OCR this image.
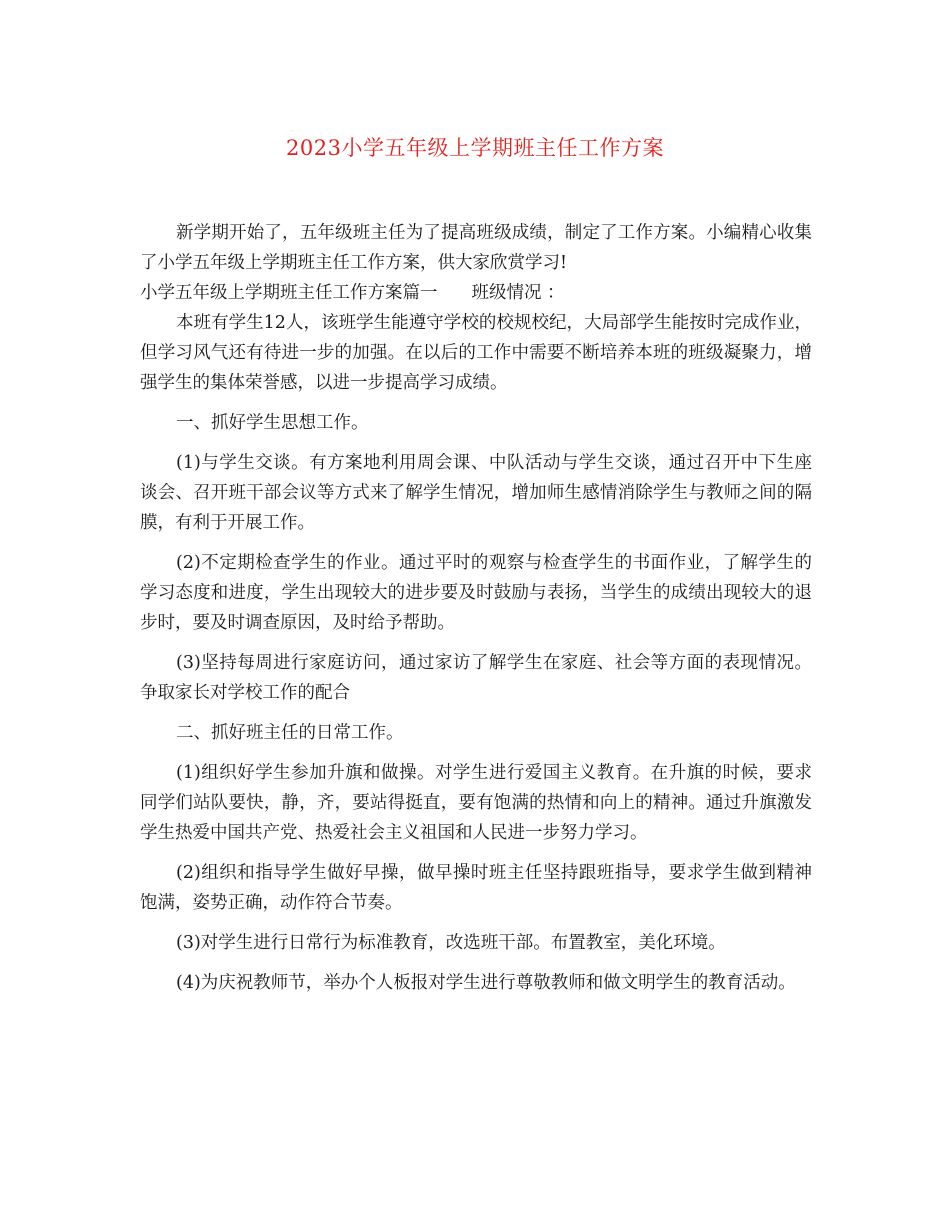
2023小学五年级上学期班主任工作方案

新学期开始了，五年级班主任为了提高班级成绩，制定了工作方案。小编精心收集了小学五年级上学期班主任工作方案，供大家欣赏学习!

小学五年级上学期班主任工作方案篇一 班级情况 ：

本班有学生12人，该班学生能遵守学校的校规校纪，大局部学生能按时完成作业，但学习风气还有待进一步的加强。在以后的工作中需要不断培养本班的班级凝聚力，增强学生的集体荣誉感，以进一步提高学习成绩。

一、抓好学生思想工作。

(1)与学生交谈。有方案地利用周会课、中队活动与学生交谈，通过召开中下生座谈会、召开班干部会议等方式来了解学生情况，增加师生感情消除学生与教师之间的隔膜，有利于开展工作。

(2)不定期检查学生的作业。通过平时的观察与检查学生的书面作业，了解学生的学习态度和进度，学生出现较大的进步要及时鼓励与表扬，当学生的成绩出现较大的退步时，要及时调查原因，及时给予帮助。

(3)坚持每周进行家庭访问，通过家访了解学生在家庭、社会等方面的表现情况。争取家长对学校工作的配合

二、抓好班主任的日常工作。

(1)组织好学生参加升旗和做操。对学生进行爱国主义教育。在升旗的时候，要求同学们站队要快，静，齐，要站得挺直，要有饱满的热情和向上的精神。通过升旗激发学生热爱中国共产党、热爱社会主义祖国和人民进一步努力学习。

(2)组织和指导学生做好早操，做早操时班主任坚持跟班指导，要求学生做到精神饱满，姿势正确，动作符合节奏。

(3)对学生进行日常行为标准教育，改选班干部。布置教室，美化环境。

(4)为庆祝教师节，举办个人板报对学生进行尊敬教师和做文明学生的教育活动。
